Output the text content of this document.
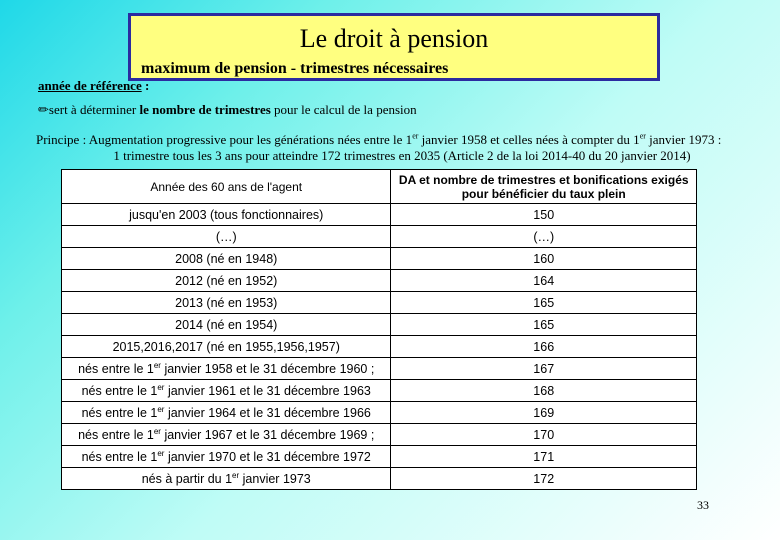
Le droit à pension
maximum de pension - trimestres nécessaires
année de référence :
✏sert à déterminer le nombre de trimestres pour le calcul de la pension
Principe : Augmentation progressive pour les générations nées entre le 1er janvier 1958 et celles nées à compter du 1er janvier 1973 :
1 trimestre tous les 3 ans pour atteindre 172 trimestres en 2035 (Article 2 de la loi 2014-40 du 20 janvier 2014)
Année des 60 ans de l'agent	DA et nombre de trimestres et bonifications exigés pour bénéficier du taux plein
jusqu'en 2003 (tous fonctionnaires)	150
(…)	(…)
2008 (né en 1948)	160
2012 (né en 1952)	164
2013 (né en 1953)	165
2014 (né en 1954)	165
2015,2016,2017 (né en 1955,1956,1957)	166
nés entre le 1er janvier 1958 et le 31 décembre 1960 ;	167
nés entre le 1er janvier 1961 et le 31 décembre 1963	168
nés entre le 1er janvier 1964 et le 31 décembre 1966	169
nés entre le 1er janvier 1967 et le 31 décembre 1969 ;	170
nés entre le 1er janvier 1970 et le 31 décembre 1972	171
nés à partir du 1er janvier 1973	172
33
